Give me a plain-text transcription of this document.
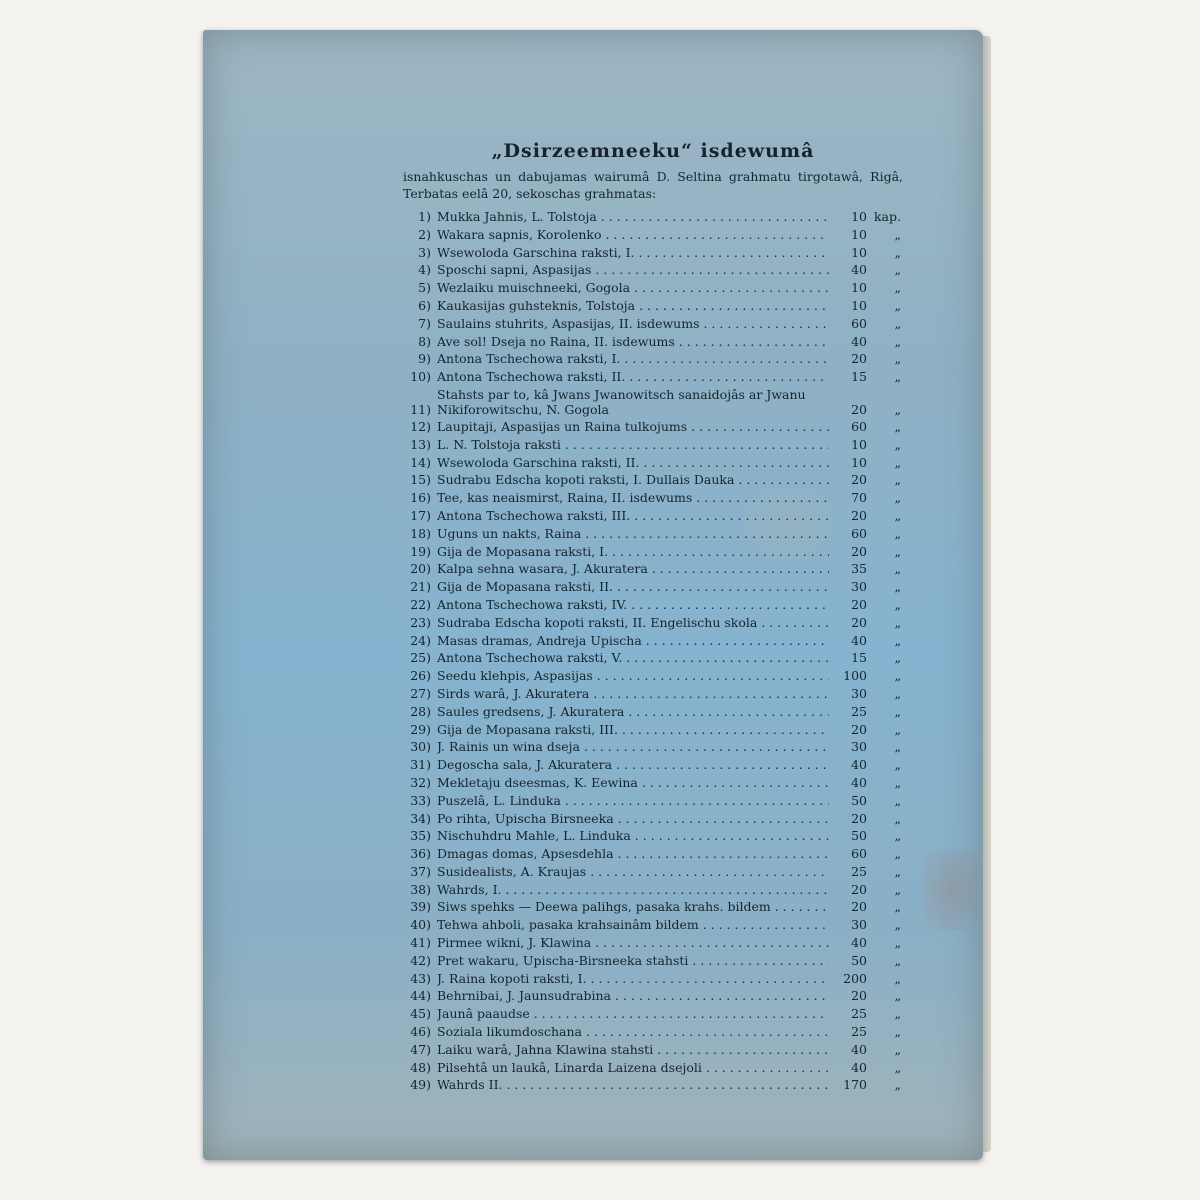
„Dsirzeemneeku“ isdewumâ

isnahkuschas un dabujamas wairumâ D. Seltina grahmatu tirgotawâ, Rigâ, Terbatas eelâ 20, sekoschas grahmatas:

1) Mukka Jahnis, L. Tolstoja . . .	10 kap.
2) Wakara sapnis, Korolenko . . .	10	„
3) Wsewoloda Garschina raksti, I. . . .	10	„
4) Sposchi sapni, Aspasijas . . .	40	„
5) Wezlaiku muischneeki, Gogola . . .	10	„
6) Kaukasijas guhsteknis, Tolstoja . . .	10	„
7) Saulains stuhrits, Aspasijas, II. isdewums . . .	60	„
8) Ave sol! Dseja no Raina, II. isdewums . . .	40	„
9) Antona Tschechowa raksti, I. . . .	20	„
10) Antona Tschechowa raksti, II. . . .	15	„
11)
Stahsts par to, kâ Jwans Jwanowitsch sanaidojâs ar Jwanu Nikiforowitschu, N. Gogola	20	„
12) Laupitaji, Aspasijas un Raina tulkojums . . .	60	„
13) L. N. Tolstoja raksti . . .	10	„
14) Wsewoloda Garschina raksti, II. . . .	10	„
15) Sudrabu Edscha kopoti raksti, I. Dullais Dauka . . .	20	„
16) Tee, kas neaismirst, Raina, II. isdewums . . .	70	„
17) Antona Tschechowa raksti, III. . . .	20	„
18) Uguns un nakts, Raina . . .	60	„
19) Gija de Mopasana raksti, I. . . .	20	„
20) Kalpa sehna wasara, J. Akuratera . . .	35	„
21) Gija de Mopasana raksti, II. . . .	30	„
22) Antona Tschechowa raksti, IV. . . .	20	„
23) Sudraba Edscha kopoti raksti, II. Engelischu skola . . .	20	„
24) Masas dramas, Andreja Upischa . . .	40	„
25) Antona Tschechowa raksti, V. . . .	15	„
26) Seedu klehpis, Aspasijas . . .	100	„
27) Sirds warâ, J. Akuratera . . .	30	„
28) Saules gredsens, J. Akuratera . . .	25	„
29) Gija de Mopasana raksti, III. . . .	20	„
30) J. Rainis un wina dseja . . .	30	„
31) Degoscha sala, J. Akuratera . . .	40	„
32) Mekletaju dseesmas, K. Eewina . . .	40	„
33) Puszelâ, L. Linduka . . .	50	„
34) Po rihta, Upischa Birsneeka . . .	20	„
35) Nischuhdru Mahle, L. Linduka . . .	50	„
36) Dmagas domas, Apsesdehla . . .	60	„
37) Susidealists, A. Kraujas . . .	25	„
38) Wahrds, I. . . .	20	„
39) Siws spehks — Deewa palihgs, pasaka krahs. bildem . . .	20	„
40) Tehwa ahboli, pasaka krahsainâm bildem . . .	30	„
41) Pirmee wikni, J. Klawina . . .	40	„
42) Pret wakaru, Upischa-Birsneeka stahsti . . .	50	„
43) J. Raina kopoti raksti, I. . . .	200	„
44) Behrnibai, J. Jaunsudrabina . . .	20	„
45) Jaunâ paaudse . . .	25	„
46) Soziala likumdoschana . . .	25	„
47) Laiku warâ, Jahna Klawina stahsti . . .	40	„
48) Pilsehtâ un laukâ, Linarda Laizena dsejoli . . .	40	„
49) Wahrds II. . . .	170	„
